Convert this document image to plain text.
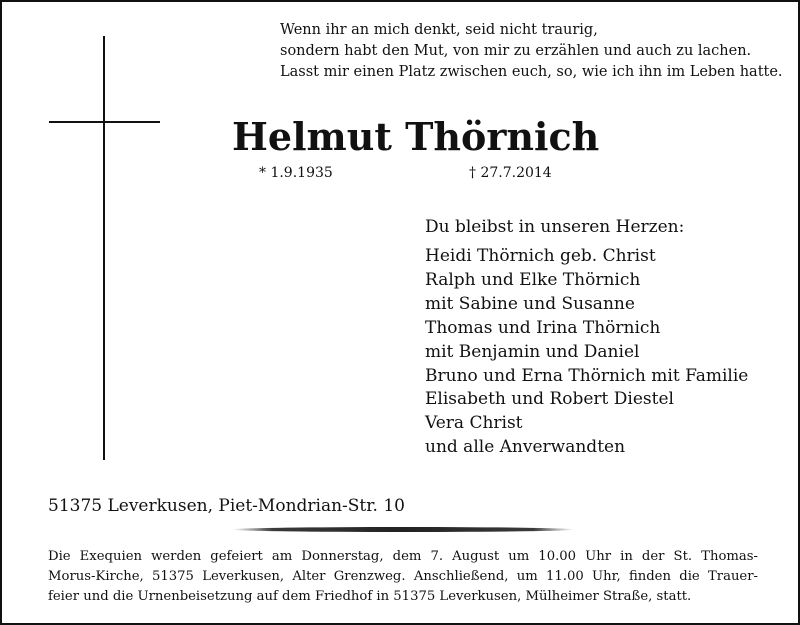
Wenn ihr an mich denkt, seid nicht traurig,
sondern habt den Mut, von mir zu erzählen und auch zu lachen.
Lasst mir einen Platz zwischen euch, so, wie ich ihn im Leben hatte.
Helmut Thörnich
* 1.9.1935	† 27.7.2014
Du bleibst in unseren Herzen:
Heidi Thörnich geb. Christ
Ralph und Elke Thörnich
mit Sabine und Susanne
Thomas und Irina Thörnich
mit Benjamin und Daniel
Bruno und Erna Thörnich mit Familie
Elisabeth und Robert Diestel
Vera Christ
und alle Anverwandten
51375 Leverkusen, Piet-Mondrian-Str. 10
Die Exequien werden gefeiert am Donnerstag, dem 7. August um 10.00 Uhr in der St. Thomas-
Morus-Kirche, 51375 Leverkusen, Alter Grenzweg. Anschließend, um 11.00 Uhr, finden die Trauer-
feier und die Urnenbeisetzung auf dem Friedhof in 51375 Leverkusen, Mülheimer Straße, statt.
